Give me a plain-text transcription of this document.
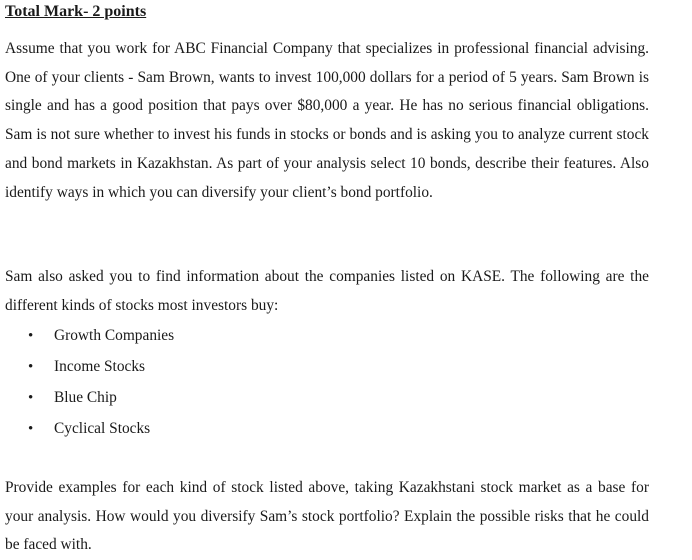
Total Mark- 2 points

Assume that you work for ABC Financial Company that specializes in professional financial advising. One of your clients - Sam Brown, wants to invest 100,000 dollars for a period of 5 years. Sam Brown is single and has a good position that pays over $80,000 a year. He has no serious financial obligations. Sam is not sure whether to invest his funds in stocks or bonds and is asking you to analyze current stock and bond markets in Kazakhstan. As part of your analysis select 10 bonds, describe their features. Also identify ways in which you can diversify your client’s bond portfolio.

Sam also asked you to find information about the companies listed on KASE. The following are the different kinds of stocks most investors buy:

• Growth Companies
• Income Stocks
• Blue Chip
• Cyclical Stocks

Provide examples for each kind of stock listed above, taking Kazakhstani stock market as a base for your analysis. How would you diversify Sam’s stock portfolio? Explain the possible risks that he could be faced with.
